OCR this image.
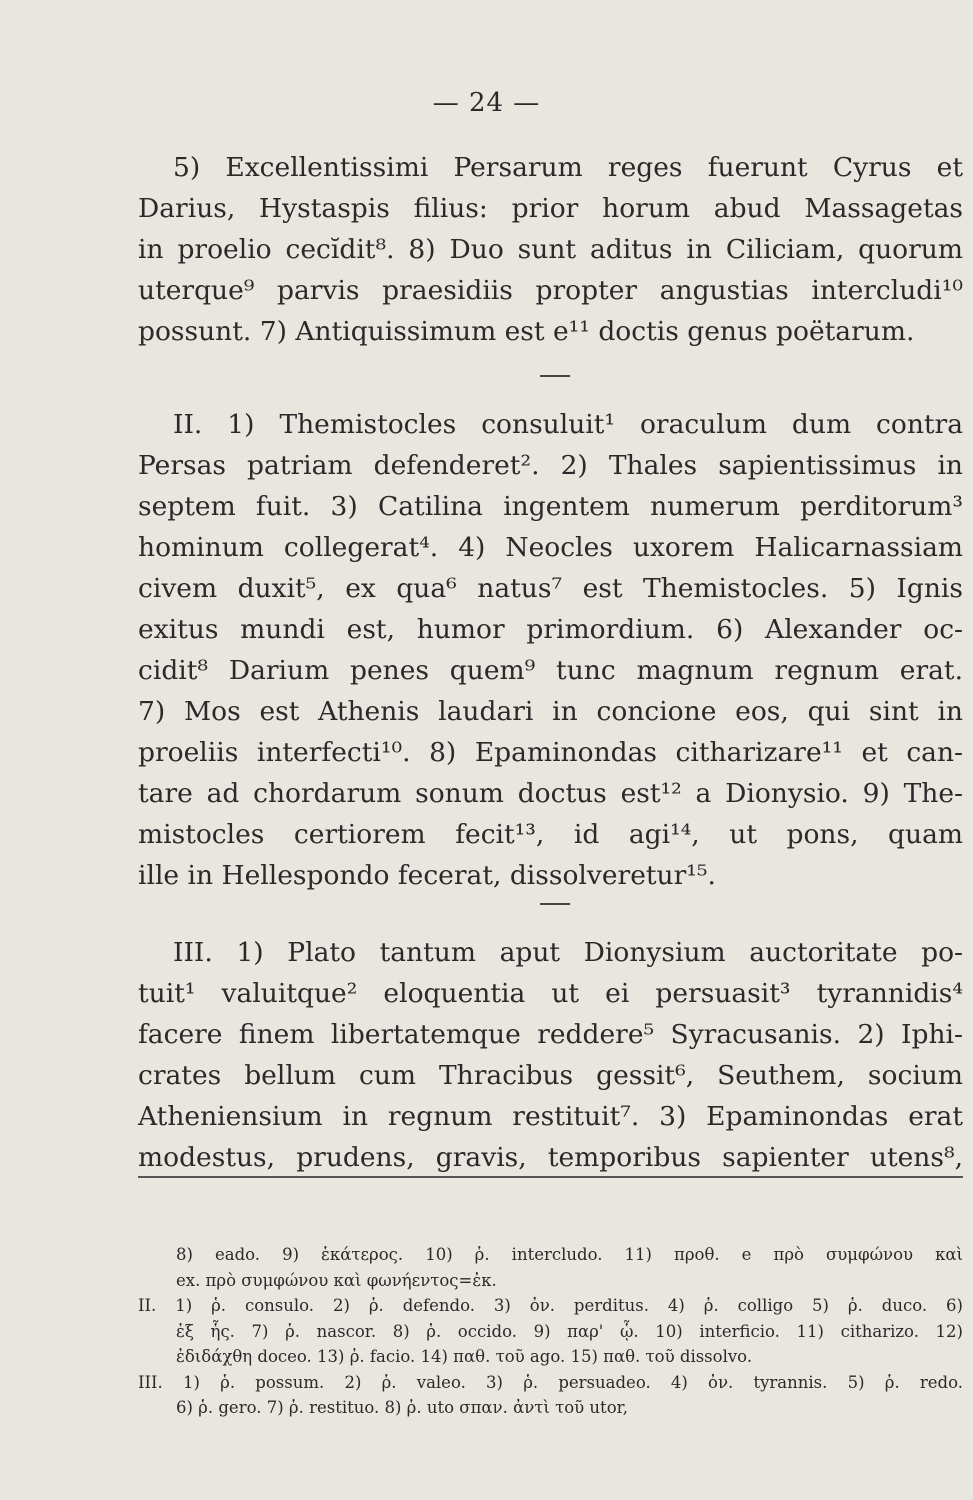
— 24 —
5) Excellentissimi Persarum reges fuerunt Cyrus et
Darius, Hystaspis filius: prior horum abud Massagetas
in proelio cecĭdit⁸. 8) Duo sunt aditus in Ciliciam, quorum
uterque⁹ parvis praesidiis propter angustias intercludi¹⁰
possunt. 7) Antiquissimum est e¹¹ doctis genus poëtarum.
II. 1) Themistocles consuluit¹ oraculum dum contra
Persas patriam defenderet². 2) Thales sapientissimus in
septem fuit. 3) Catilina ingentem numerum perditorum³
hominum collegerat⁴. 4) Neocles uxorem Halicarnassiam
civem duxit⁵, ex qua⁶ natus⁷ est Themistocles. 5) Ignis
exitus mundi est, humor primordium. 6) Alexander oc-
cidit⁸ Darium penes quem⁹ tunc magnum regnum erat.
7) Mos est Athenis laudari in concione eos, qui sint in
proeliis interfecti¹⁰. 8) Epaminondas citharizare¹¹ et can-
tare ad chordarum sonum doctus est¹² a Dionysio. 9) The-
mistocles certiorem fecit¹³, id agi¹⁴, ut pons, quam
ille in Hellespondo fecerat, dissolveretur¹⁵.
III. 1) Plato tantum aput Dionysium auctoritate po-
tuit¹ valuitque² eloquentia ut ei persuasit³ tyrannidis⁴
facere finem libertatemque reddere⁵ Syracusanis. 2) Iphi-
crates bellum cum Thracibus gessit⁶, Seuthem, socium
Atheniensium in regnum restituit⁷. 3) Epaminondas erat
modestus, prudens, gravis, temporibus sapienter utens⁸,
8) eado. 9) ἑκάτερος. 10) ῥ. intercludo. 11) προθ. e πρὸ συμφώνου καὶ
ex. πρὸ συμφώνου καὶ φωνήεντος=ἐκ.
II. 1) ῥ. consulo. 2) ῥ. defendo. 3) ὀν. perditus. 4) ῥ. colligo 5) ῥ. duco. 6)
ἐξ ἧς. 7) ῥ. nascor. 8) ῥ. occido. 9) παρ' ᾧ. 10) interficio. 11) citharizo. 12)
ἐδιδάχθη doceo. 13) ῥ. facio. 14) παθ. τοῦ ago. 15) παθ. τοῦ dissolvo.
III. 1) ῥ. possum. 2) ῥ. valeo. 3) ῥ. persuadeo. 4) ὀν. tyrannis. 5) ῥ. redo.
6) ῥ. gero. 7) ῥ. restituo. 8) ῥ. uto σπαν. ἀντὶ τοῦ utor,
